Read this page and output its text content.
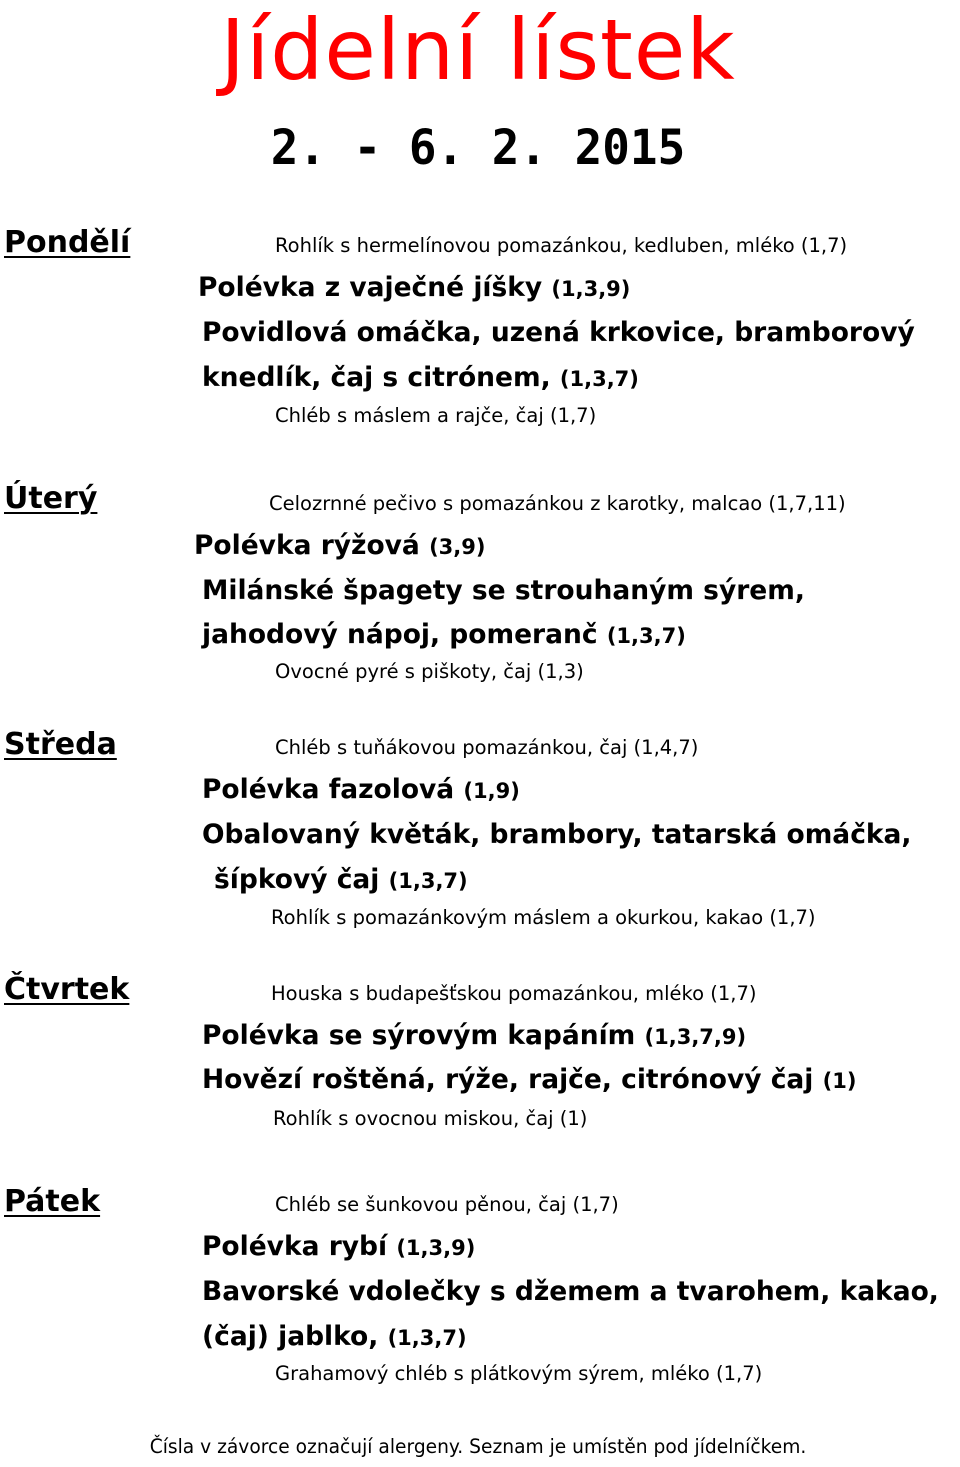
Jídelní lístek
2. - 6. 2. 2015
Pondělí	Rohlík s hermelínovou pomazánkou, kedluben, mléko (1,7)
Polévka z vaječné jíšky (1,3,9)
Povidlová omáčka, uzená krkovice, bramborový
knedlík, čaj s citrónem, (1,3,7)
Chléb s máslem a rajče, čaj (1,7)
Úterý	Celozrnné pečivo s pomazánkou z karotky, malcao (1,7,11)
Polévka rýžová (3,9)
Milánské špagety se strouhaným sýrem,
jahodový nápoj, pomeranč (1,3,7)
Ovocné pyré s piškoty, čaj (1,3)
Středa	Chléb s tuňákovou pomazánkou, čaj (1,4,7)
Polévka fazolová (1,9)
Obalovaný květák, brambory, tatarská omáčka,
šípkový čaj (1,3,7)
Rohlík s pomazánkovým máslem a okurkou, kakao (1,7)
Čtvrtek	Houska s budapešťskou pomazánkou, mléko (1,7)
Polévka se sýrovým kapáním (1,3,7,9)
Hovězí roštěná, rýže, rajče, citrónový čaj (1)
Rohlík s ovocnou miskou, čaj (1)
Pátek	Chléb se šunkovou pěnou, čaj (1,7)
Polévka rybí (1,3,9)
Bavorské vdolečky s džemem a tvarohem, kakao,
(čaj) jablko, (1,3,7)
Grahamový chléb s plátkovým sýrem, mléko (1,7)
Čísla v závorce označují alergeny. Seznam je umístěn pod jídelníčkem.
